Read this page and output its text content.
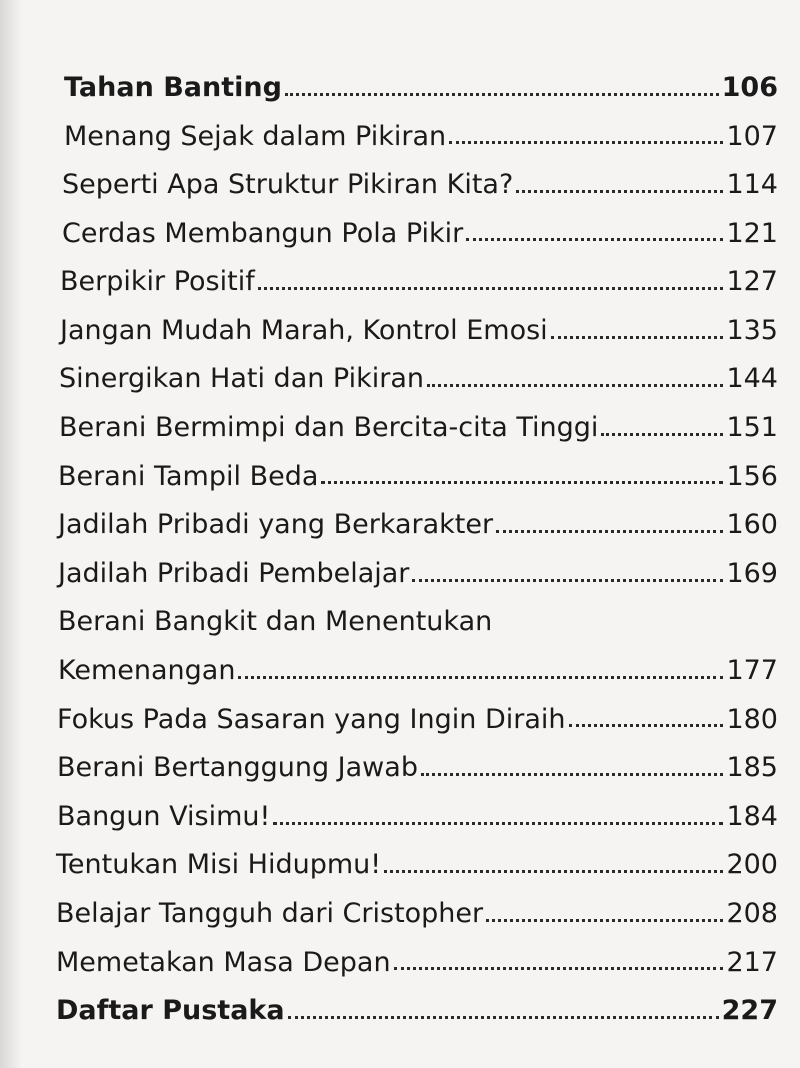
Tahan Banting	106
Menang Sejak dalam Pikiran	107
Seperti Apa Struktur Pikiran Kita?	114
Cerdas Membangun Pola Pikir	121
Berpikir Positif	127
Jangan Mudah Marah, Kontrol Emosi	135
Sinergikan Hati dan Pikiran	144
Berani Bermimpi dan Bercita-cita Tinggi	151
Berani Tampil Beda	156
Jadilah Pribadi yang Berkarakter	160
Jadilah Pribadi Pembelajar	169
Berani Bangkit dan Menentukan
Kemenangan	177
Fokus Pada Sasaran yang Ingin Diraih	180
Berani Bertanggung Jawab	185
Bangun Visimu!	184
Tentukan Misi Hidupmu!	200
Belajar Tangguh dari Cristopher	208
Memetakan Masa Depan	217
Daftar Pustaka	227
